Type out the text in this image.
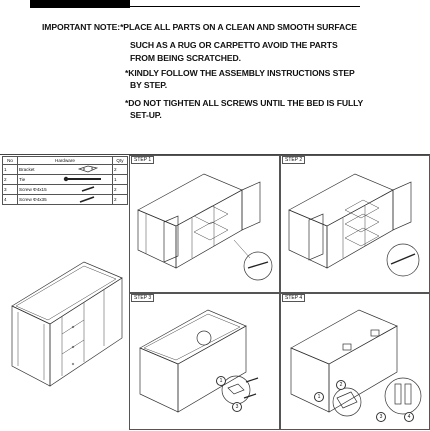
IMPORTANT NOTE:*PLACE ALL PARTS ON A CLEAN AND SMOOTH SURFACE
SUCH AS A RUG OR CARPETTO AVOID THE PARTS
FROM BEING SCRATCHED.
*KINDLY FOLLOW THE ASSEMBLY INSTRUCTIONS STEP
BY STEP.
*DO NOT TIGHTEN ALL SCREWS UNTIL THE BED IS FULLY
SET-UP.
No	Hardware	Qty
1	Bracket	2
2	Tie	1
3	Screw Φ4x15	2
4	Screw Φ4x35	2
STEP 1	STEP 2
STEP 3
1
3
STEP 4
2
1
3	4
